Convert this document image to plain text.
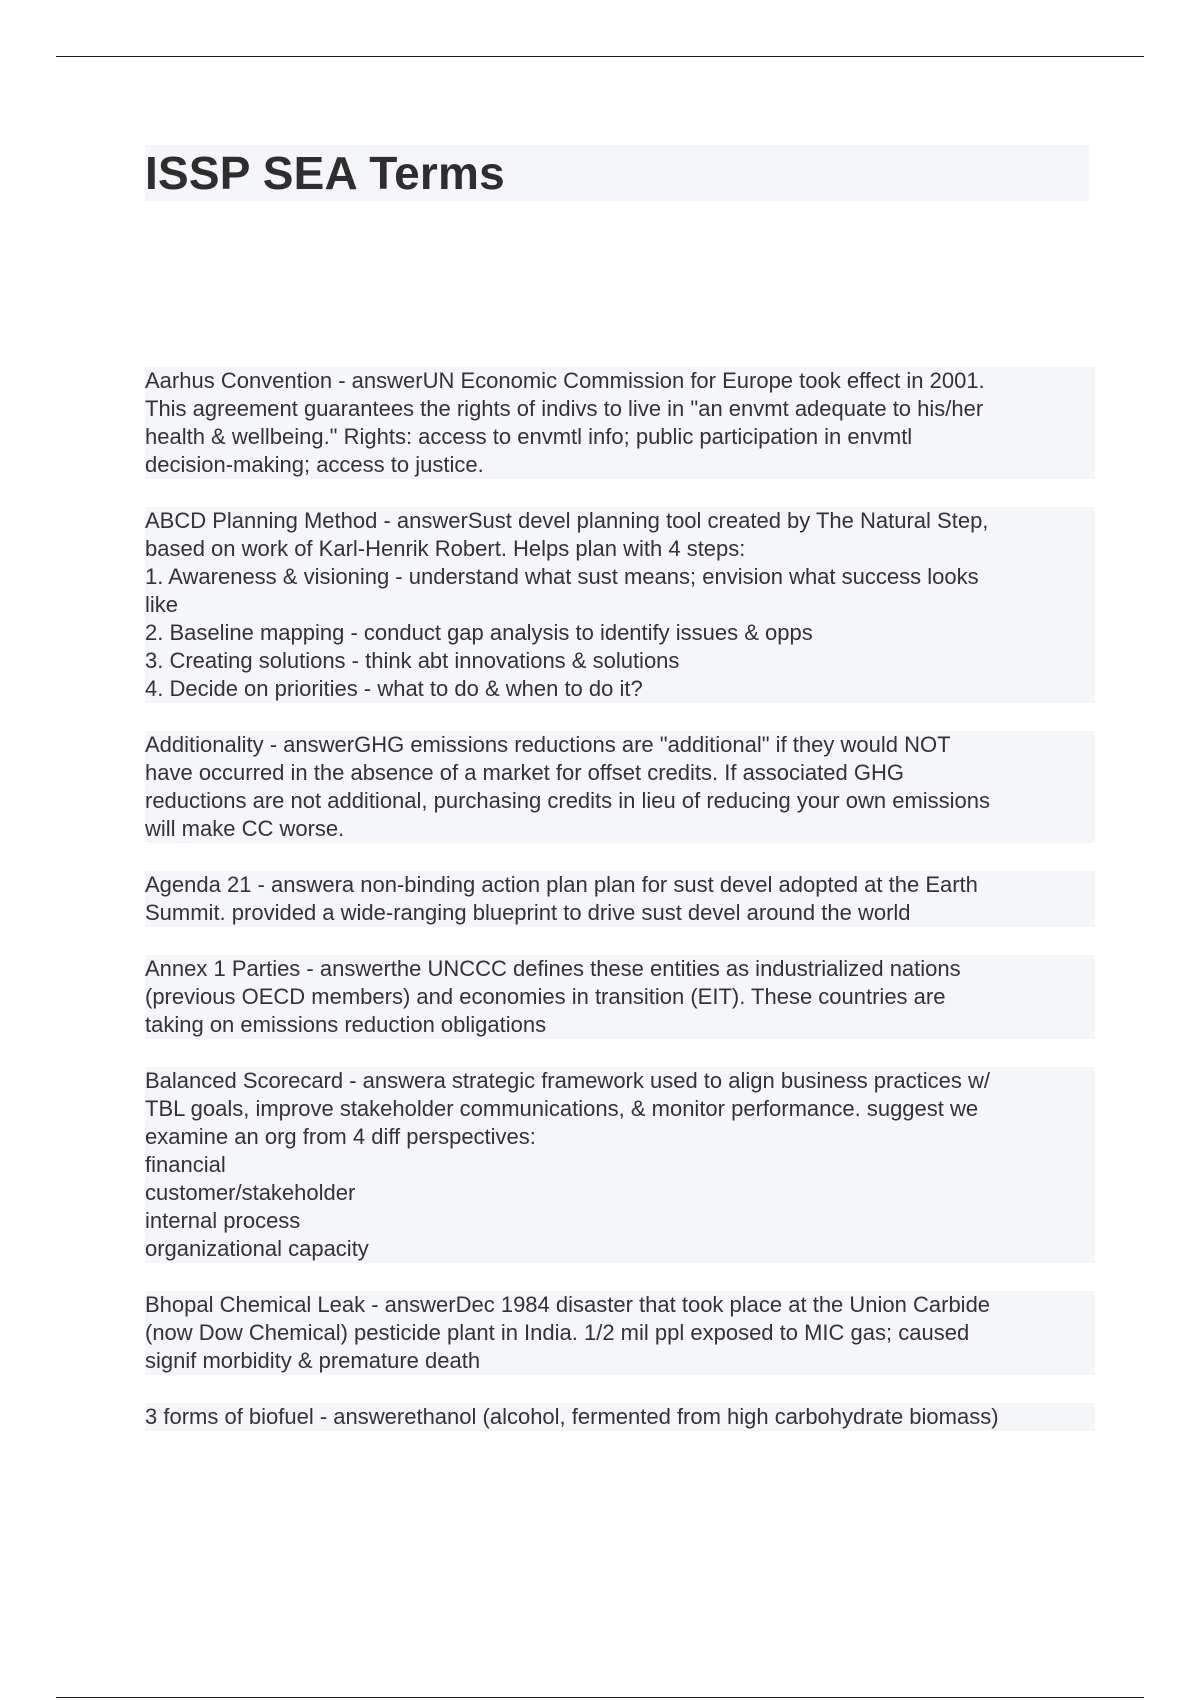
ISSP SEA Terms
Aarhus Convention - answerUN Economic Commission for Europe took effect in 2001.
This agreement guarantees the rights of indivs to live in "an envmt adequate to his/her
health & wellbeing." Rights: access to envmtl info; public participation in envmtl
decision-making; access to justice.
ABCD Planning Method - answerSust devel planning tool created by The Natural Step,
based on work of Karl-Henrik Robert. Helps plan with 4 steps:
1. Awareness & visioning - understand what sust means; envision what success looks
like
2. Baseline mapping - conduct gap analysis to identify issues & opps
3. Creating solutions - think abt innovations & solutions
4. Decide on priorities - what to do & when to do it?
Additionality - answerGHG emissions reductions are "additional" if they would NOT
have occurred in the absence of a market for offset credits. If associated GHG
reductions are not additional, purchasing credits in lieu of reducing your own emissions
will make CC worse.
Agenda 21 - answera non-binding action plan plan for sust devel adopted at the Earth
Summit. provided a wide-ranging blueprint to drive sust devel around the world
Annex 1 Parties - answerthe UNCCC defines these entities as industrialized nations
(previous OECD members) and economies in transition (EIT). These countries are
taking on emissions reduction obligations
Balanced Scorecard - answera strategic framework used to align business practices w/
TBL goals, improve stakeholder communications, & monitor performance. suggest we
examine an org from 4 diff perspectives:
financial
customer/stakeholder
internal process
organizational capacity
Bhopal Chemical Leak - answerDec 1984 disaster that took place at the Union Carbide
(now Dow Chemical) pesticide plant in India. 1/2 mil ppl exposed to MIC gas; caused
signif morbidity & premature death
3 forms of biofuel - answerethanol (alcohol, fermented from high carbohydrate biomass)
